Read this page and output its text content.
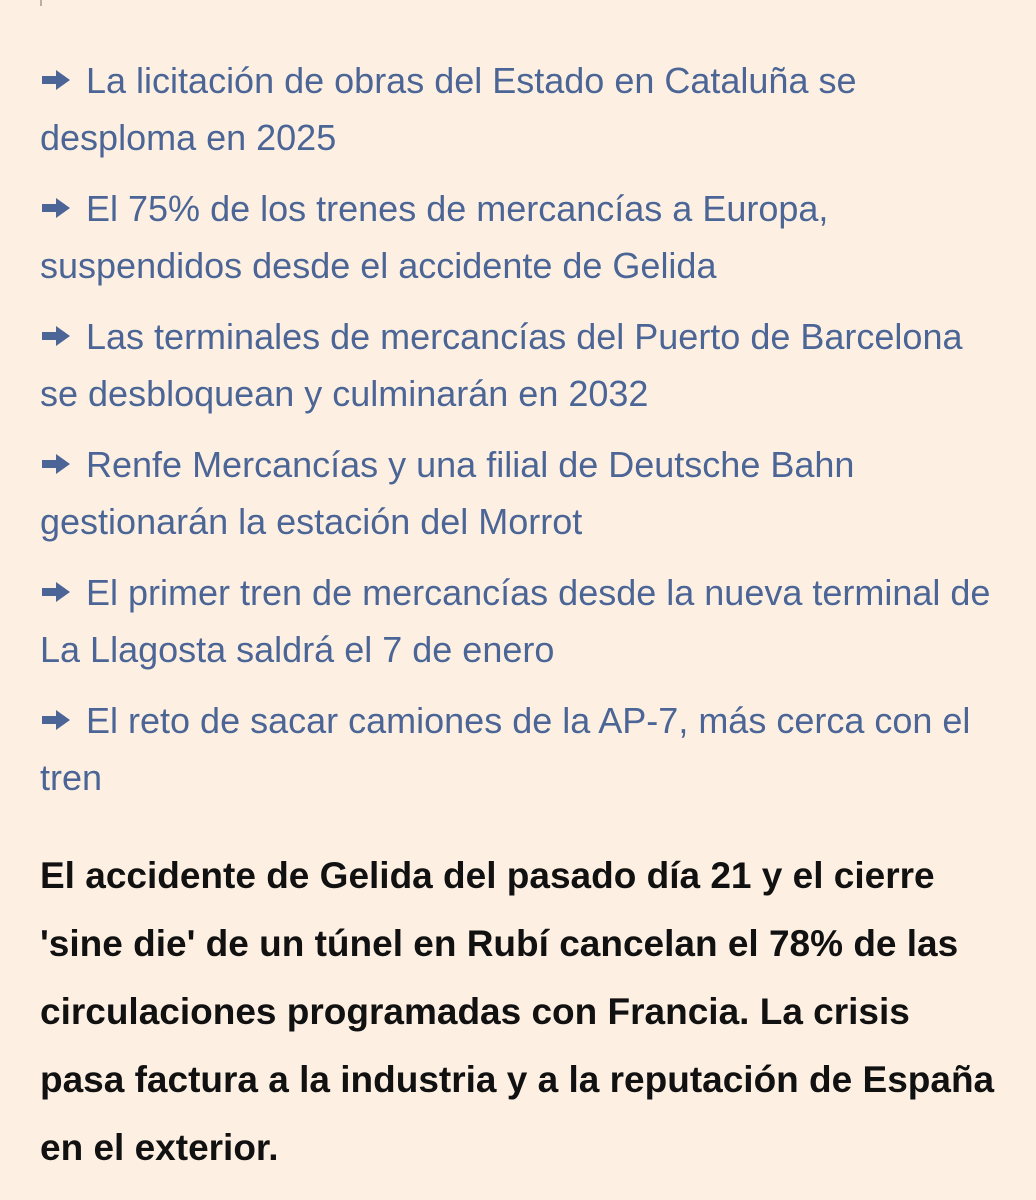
La licitación de obras del Estado en Cataluña se desploma en 2025
El 75% de los trenes de mercancías a Europa, suspendidos desde el accidente de Gelida
Las terminales de mercancías del Puerto de Barcelona se desbloquean y culminarán en 2032
Renfe Mercancías y una filial de Deutsche Bahn gestionarán la estación del Morrot
El primer tren de mercancías desde la nueva terminal de La Llagosta saldrá el 7 de enero
El reto de sacar camiones de la AP-7, más cerca con el tren

El accidente de Gelida del pasado día 21 y el cierre 'sine die' de un túnel en Rubí cancelan el 78% de las circulaciones programadas con Francia. La crisis pasa factura a la industria y a la reputación de España en el exterior.
